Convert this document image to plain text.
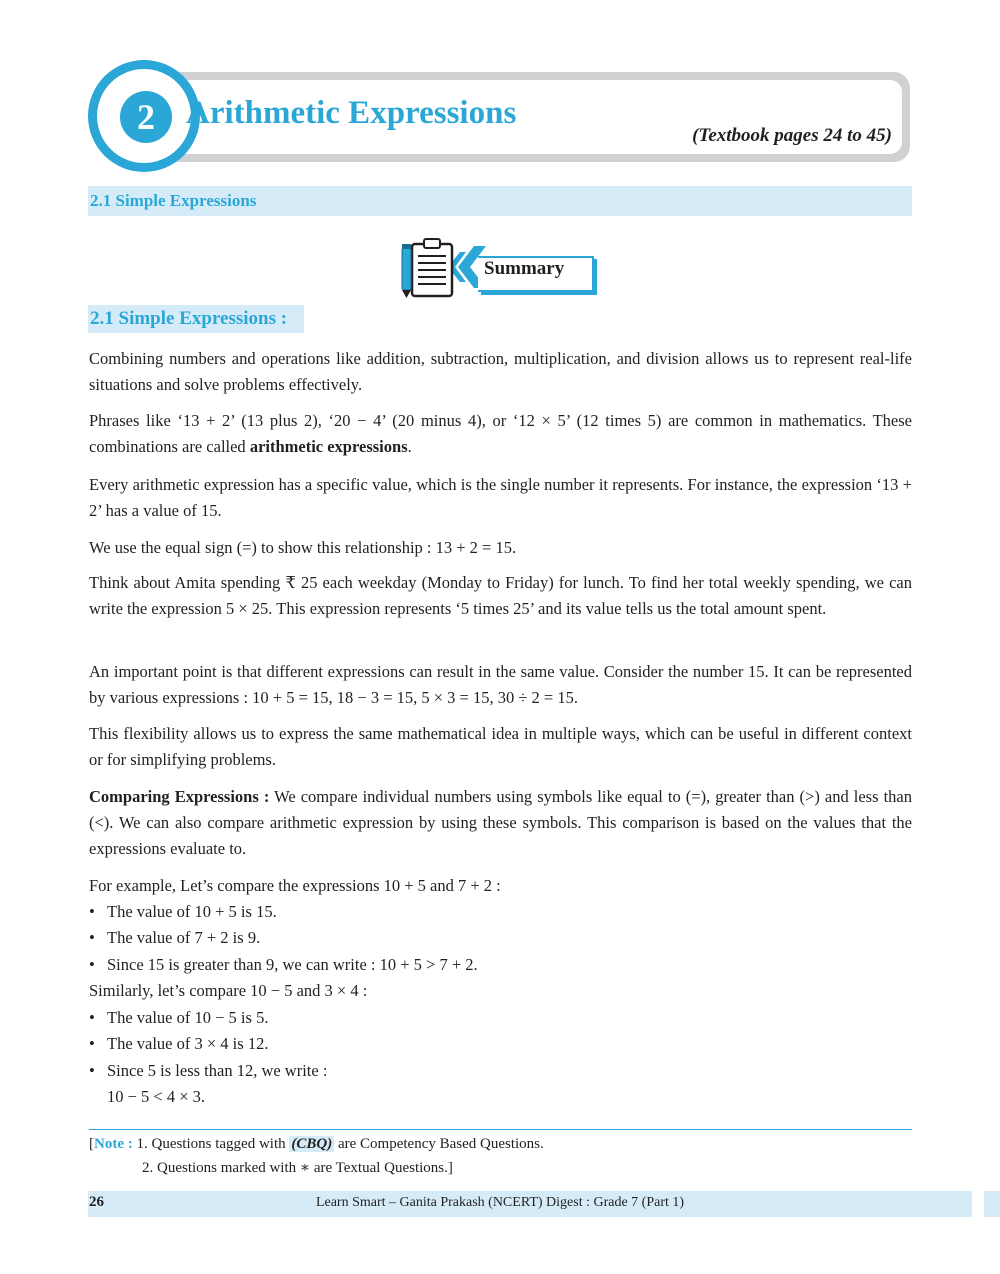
2 Arithmetic Expressions
(Textbook pages 24 to 45)
2.1 Simple Expressions
Summary
2.1 Simple Expressions :
Combining numbers and operations like addition, subtraction, multiplication, and division allows us to represent real-life situations and solve problems effectively.
Phrases like ‘13 + 2’ (13 plus 2), ‘20 − 4’ (20 minus 4), or ‘12 × 5’ (12 times 5) are common in mathematics. These combinations are called arithmetic expressions.
Every arithmetic expression has a specific value, which is the single number it represents. For instance, the expression ‘13 + 2’ has a value of 15.
We use the equal sign (=) to show this relationship : 13 + 2 = 15.
Think about Amita spending ₹ 25 each weekday (Monday to Friday) for lunch. To find her total weekly spending, we can write the expression 5 × 25. This expression represents ‘5 times 25’ and its value tells us the total amount spent.
An important point is that different expressions can result in the same value. Consider the number 15. It can be represented by various expressions : 10 + 5 = 15, 18 − 3 = 15, 5 × 3 = 15, 30 ÷ 2 = 15.
This flexibility allows us to express the same mathematical idea in multiple ways, which can be useful in different context or for simplifying problems.
Comparing Expressions : We compare individual numbers using symbols like equal to (=), greater than (>) and less than (<). We can also compare arithmetic expression by using these symbols. This comparison is based on the values that the expressions evaluate to.
For example, Let’s compare the expressions 10 + 5 and 7 + 2 :
• The value of 10 + 5 is 15.
• The value of 7 + 2 is 9.
• Since 15 is greater than 9, we can write : 10 + 5 > 7 + 2.
Similarly, let’s compare 10 − 5 and 3 × 4 :
• The value of 10 − 5 is 5.
• The value of 3 × 4 is 12.
• Since 5 is less than 12, we write :
10 − 5 < 4 × 3.
[Note : 1. Questions tagged with (CBQ) are Competency Based Questions.
2. Questions marked with ∗ are Textual Questions.]
26	Learn Smart – Ganita Prakash (NCERT) Digest : Grade 7 (Part 1)
